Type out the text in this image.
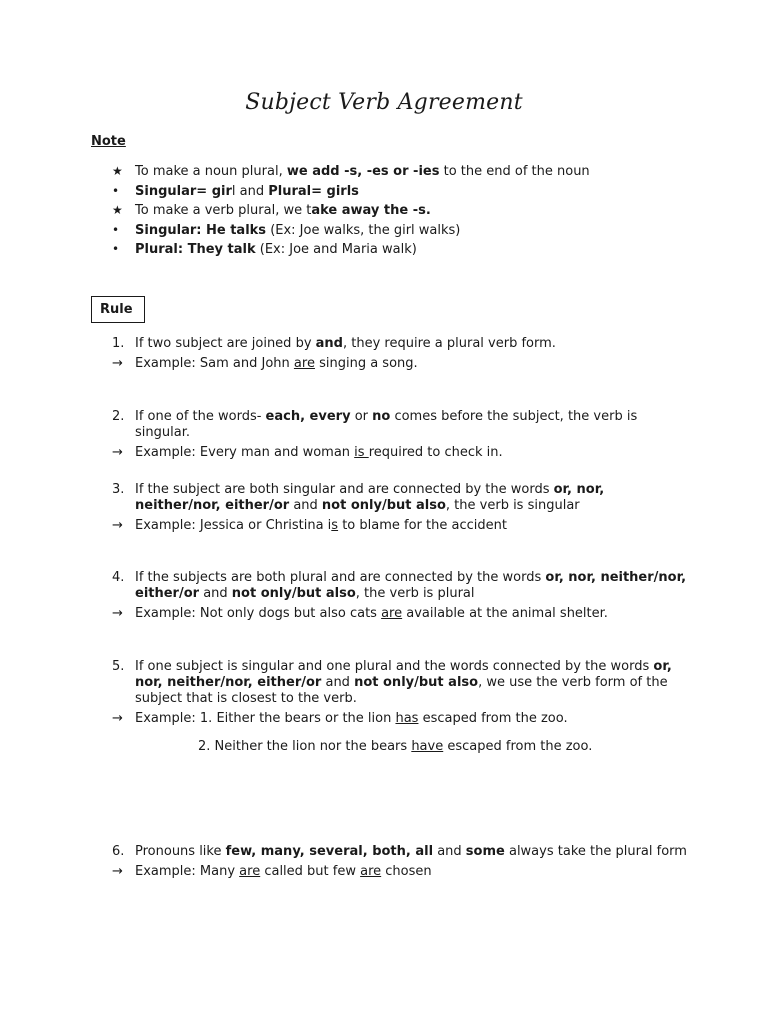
Subject Verb Agreement
Note
★ To make a noun plural, we add -s, -es or -ies to the end of the noun
•	Singular= girl and Plural= girls
★ To make a verb plural, we take away the -s.
•	Singular: He talks (Ex: Joe walks, the girl walks)
•	Plural: They talk (Ex: Joe and Maria walk)
Rule
1. If two subject are joined by and, they require a plural verb form.
→ Example: Sam and John are singing a song.
2. If one of the words- each, every or no comes before the subject, the verb is singular.
→ Example: Every man and woman is required to check in.
3. If the subject are both singular and are connected by the words or, nor, neither/nor, either/or and not only/but also, the verb is singular
→ Example: Jessica or Christina is to blame for the accident
4. If the subjects are both plural and are connected by the words or, nor, neither/nor, either/or and not only/but also, the verb is plural
→ Example: Not only dogs but also cats are available at the animal shelter.
5. If one subject is singular and one plural and the words connected by the words or, nor, neither/nor, either/or and not only/but also, we use the verb form of the subject that is closest to the verb.
→ Example: 1. Either the bears or the lion has escaped from the zoo.
2. Neither the lion nor the bears have escaped from the zoo.
6. Pronouns like few, many, several, both, all and some always take the plural form
→ Example: Many are called but few are chosen
